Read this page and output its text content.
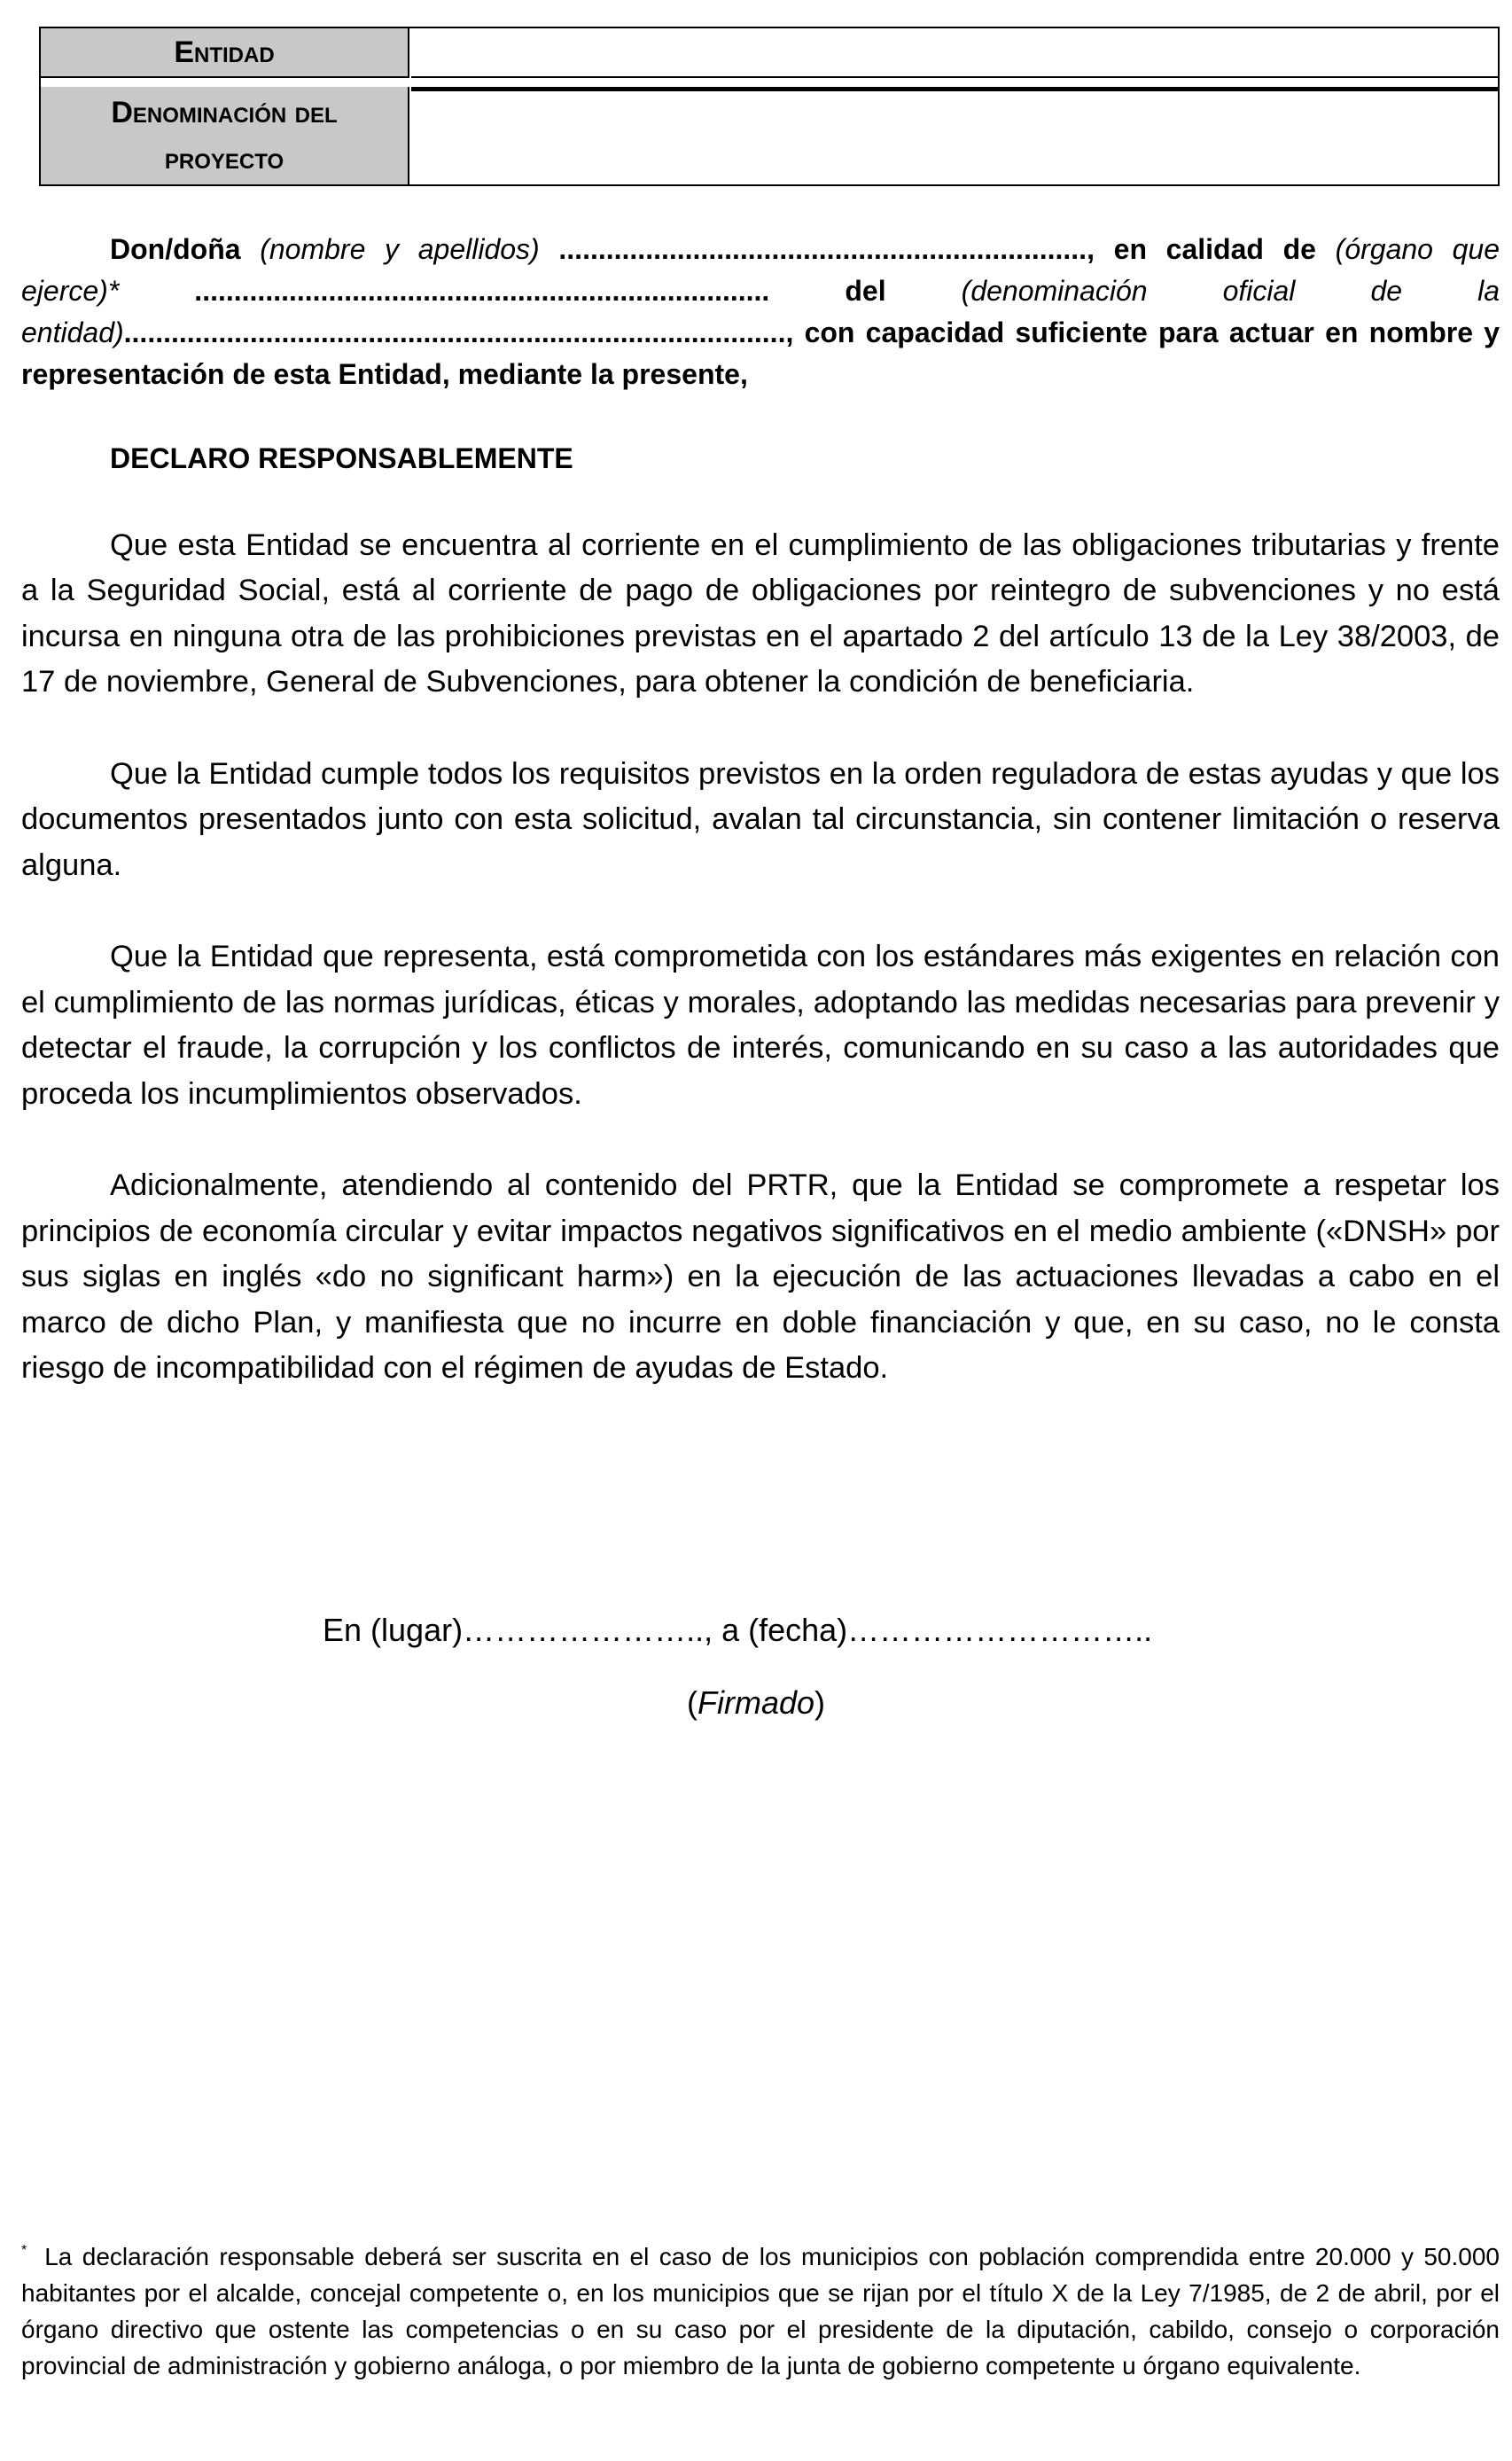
Entidad
Denominación del proyecto

Don/doña (nombre y apellidos) ..................................................................., en calidad de (órgano que ejerce)* ......................................................................... del (denominación oficial de la entidad)...................................................................................., con capacidad suficiente para actuar en nombre y representación de esta Entidad, mediante la presente,

DECLARO RESPONSABLEMENTE

Que esta Entidad se encuentra al corriente en el cumplimiento de las obligaciones tributarias y frente a la Seguridad Social, está al corriente de pago de obligaciones por reintegro de subvenciones y no está incursa en ninguna otra de las prohibiciones previstas en el apartado 2 del artículo 13 de la Ley 38/2003, de 17 de noviembre, General de Subvenciones, para obtener la condición de beneficiaria.

Que la Entidad cumple todos los requisitos previstos en la orden reguladora de estas ayudas y que los documentos presentados junto con esta solicitud, avalan tal circunstancia, sin contener limitación o reserva alguna.

Que la Entidad que representa, está comprometida con los estándares más exigentes en relación con el cumplimiento de las normas jurídicas, éticas y morales, adoptando las medidas necesarias para prevenir y detectar el fraude, la corrupción y los conflictos de interés, comunicando en su caso a las autoridades que proceda los incumplimientos observados.

Adicionalmente, atendiendo al contenido del PRTR, que la Entidad se compromete a respetar los principios de economía circular y evitar impactos negativos significativos en el medio ambiente («DNSH» por sus siglas en inglés «do no significant harm») en la ejecución de las actuaciones llevadas a cabo en el marco de dicho Plan, y manifiesta que no incurre en doble financiación y que, en su caso, no le consta riesgo de incompatibilidad con el régimen de ayudas de Estado.

En (lugar)………………….., a (fecha)………………………..
(Firmado)
* La declaración responsable deberá ser suscrita en el caso de los municipios con población comprendida entre 20.000 y 50.000 habitantes por el alcalde, concejal competente o, en los municipios que se rijan por el título X de la Ley 7/1985, de 2 de abril, por el órgano directivo que ostente las competencias o en su caso por el presidente de la diputación, cabildo, consejo o corporación provincial de administración y gobierno análoga, o por miembro de la junta de gobierno competente u órgano equivalente.
